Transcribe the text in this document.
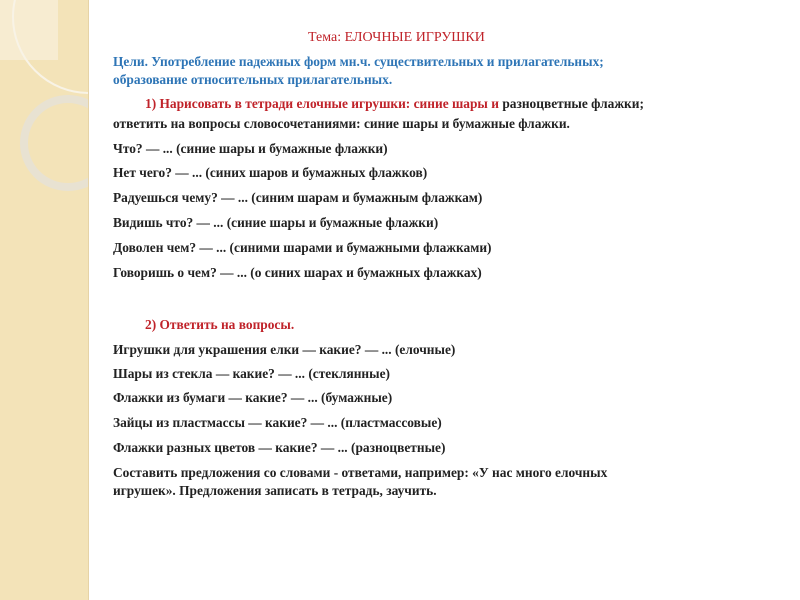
Тема: ЕЛОЧНЫЕ ИГРУШКИ
Цели. Употребление падежных форм мн.ч. существительных и прилагательных;
образование относительных прилагательных.
1) Нарисовать в тетради елочные игрушки: синие шары и разноцветные флажки;
ответить на вопросы словосочетаниями: синие шары и бумажные флажки.
Что? — ... (синие шары и бумажные флажки)
Нет чего? — ... (синих шаров и бумажных флажков)
Радуешься чему? — ... (синим шарам и бумажным флажкам)
Видишь что? — ... (синие шары и бумажные флажки)
Доволен чем? — ... (синими шарами и бумажными флажками)
Говоришь о чем? — ... (о синих шарах и бумажных флажках)
2) Ответить на вопросы.
Игрушки для украшения елки — какие? — ... (елочные)
Шары из стекла — какие? — ... (стеклянные)
Флажки из бумаги — какие? — ... (бумажные)
Зайцы из пластмассы — какие? — ... (пластмассовые)
Флажки разных цветов — какие? — ... (разноцветные)
Составить предложения со словами - ответами, например: «У нас много елочных
игрушек». Предложения записать в тетрадь, заучить.
